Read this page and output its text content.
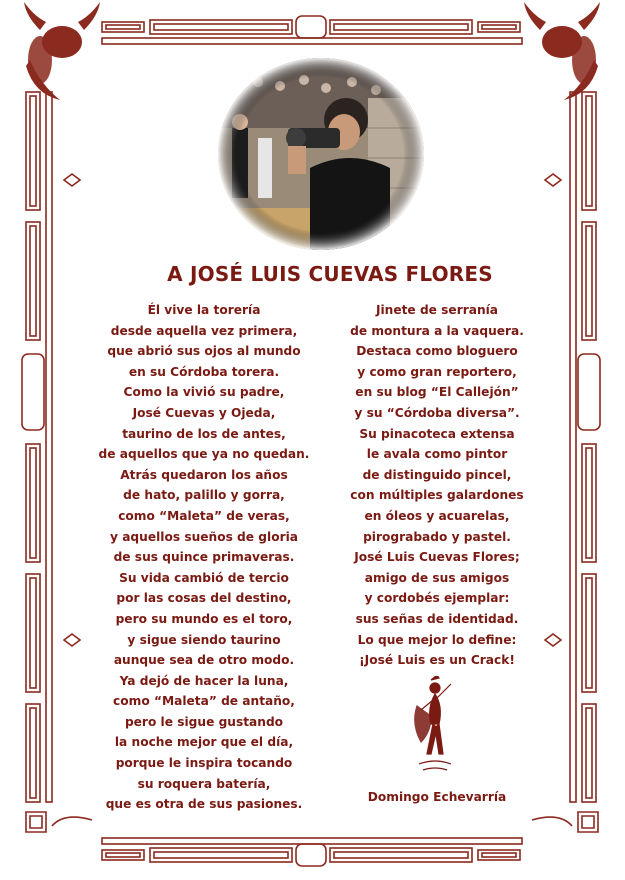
A JOSÉ LUIS CUEVAS FLORES
Él vive la torería
desde aquella vez primera,
que abrió sus ojos al mundo
en su Córdoba torera.
Como la vivió su padre,
José Cuevas y Ojeda,
taurino de los de antes,
de aquellos que ya no quedan.
Atrás quedaron los años
de hato, palillo y gorra,
como “Maleta” de veras,
y aquellos sueños de gloria
de sus quince primaveras.
Su vida cambió de tercio
por las cosas del destino,
pero su mundo es el toro,
y sigue siendo taurino
aunque sea de otro modo.
Ya dejó de hacer la luna,
como “Maleta” de antaño,
pero le sigue gustando
la noche mejor que el día,
porque le inspira tocando
su roquera batería,
que es otra de sus pasiones.
Jinete de serranía
de montura a la vaquera.
Destaca como bloguero
y como gran reportero,
en su blog “El Callejón”
y su “Córdoba diversa”.
Su pinacoteca extensa
le avala como pintor
de distinguido pincel,
con múltiples galardones
en óleos y acuarelas,
pirograbado y pastel.
José Luis Cuevas Flores;
amigo de sus amigos
y cordobés ejemplar:
sus señas de identidad.
Lo que mejor lo define:
¡José Luis es un Crack!
Domingo Echevarría
